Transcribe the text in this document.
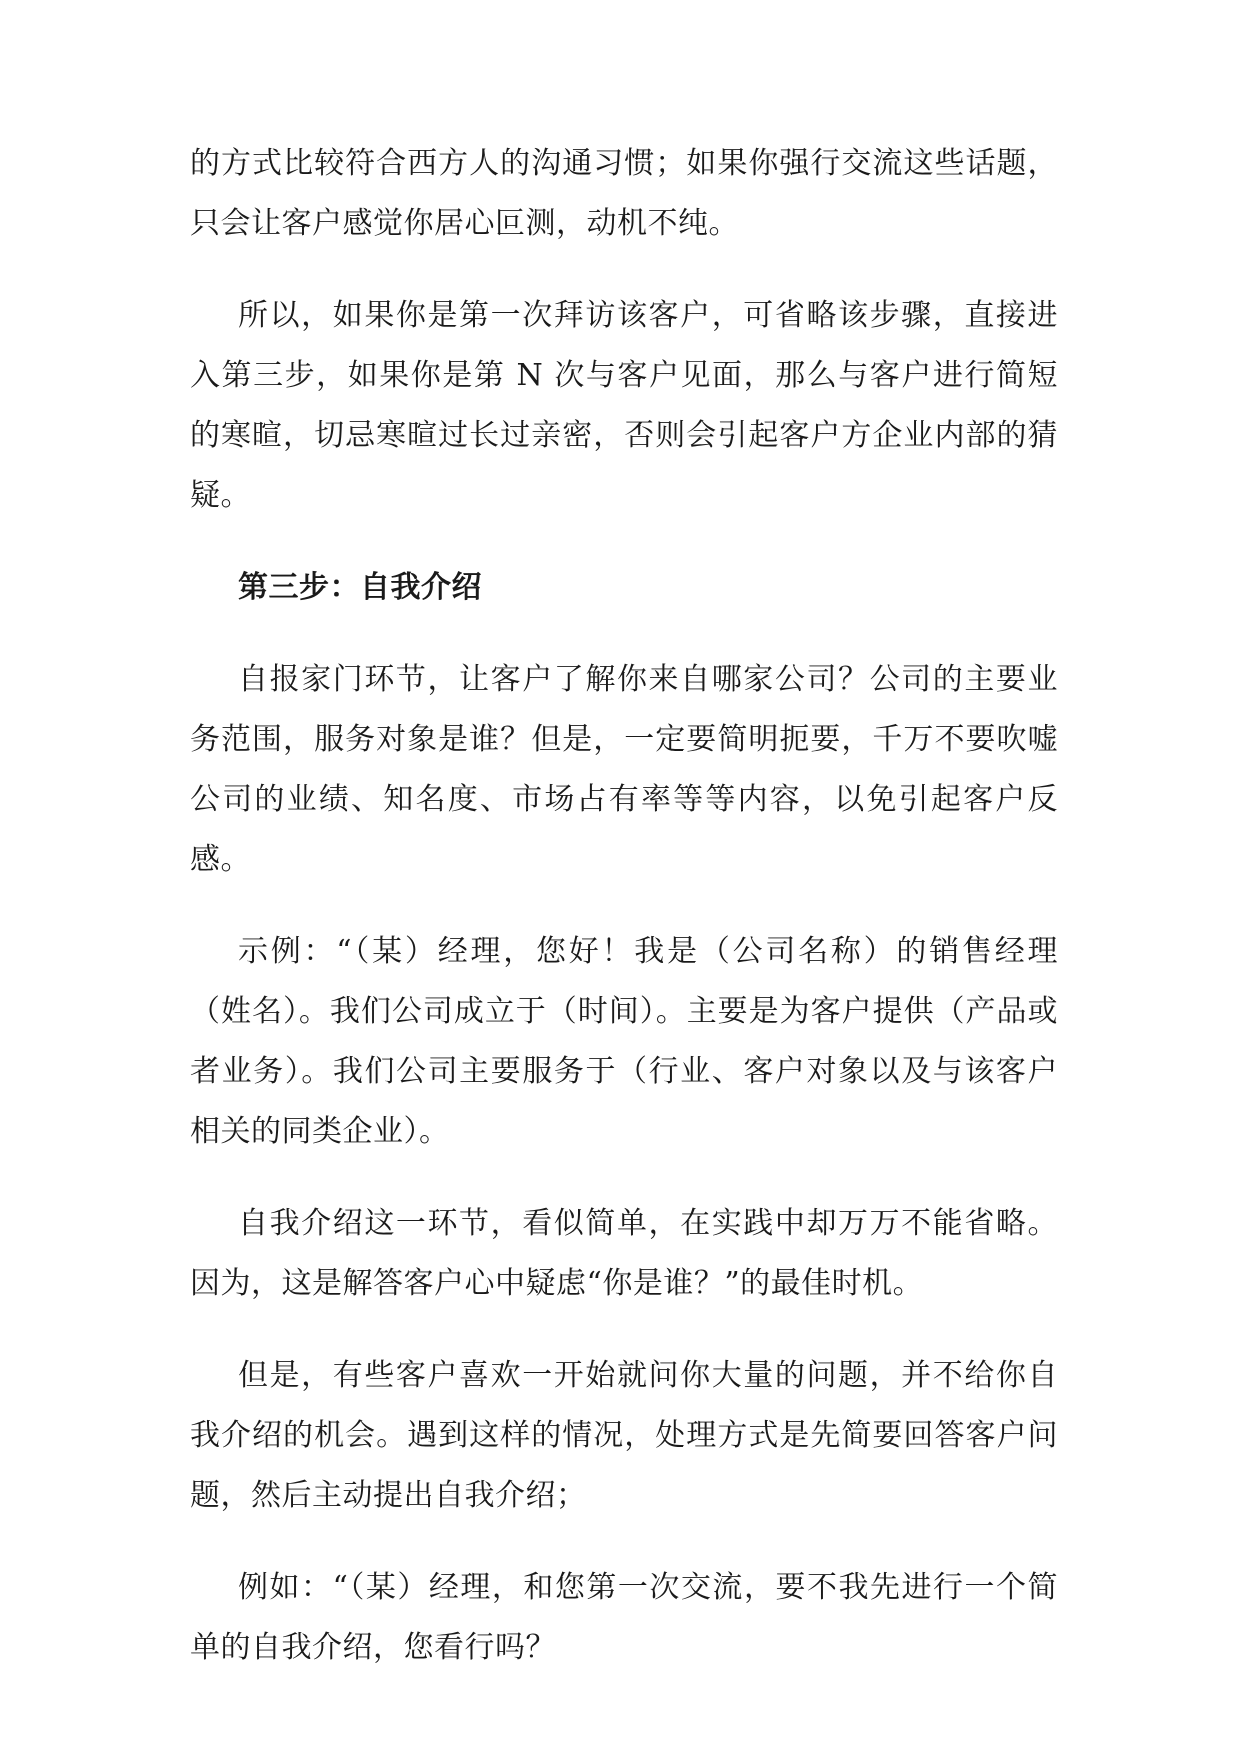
的方式比较符合西方人的沟通习惯；如果你强行交流这些话题，只会让客户感觉你居心叵测，动机不纯。

所以，如果你是第一次拜访该客户，可省略该步骤，直接进入第三步，如果你是第 N 次与客户见面，那么与客户进行简短的寒暄，切忌寒暄过长过亲密，否则会引起客户方企业内部的猜疑。

第三步：自我介绍

自报家门环节，让客户了解你来自哪家公司？公司的主要业务范围，服务对象是谁？但是，一定要简明扼要，千万不要吹嘘公司的业绩、知名度、市场占有率等等内容，以免引起客户反感。

示例：“（某）经理，您好！我是（公司名称）的销售经理（姓名）。我们公司成立于（时间）。主要是为客户提供（产品或者业务）。我们公司主要服务于（行业、客户对象以及与该客户相关的同类企业）。

自我介绍这一环节，看似简单，在实践中却万万不能省略。因为，这是解答客户心中疑虑“你是谁？”的最佳时机。

但是，有些客户喜欢一开始就问你大量的问题，并不给你自我介绍的机会。遇到这样的情况，处理方式是先简要回答客户问题，然后主动提出自我介绍；

例如：“（某）经理，和您第一次交流，要不我先进行一个简单的自我介绍，您看行吗？
